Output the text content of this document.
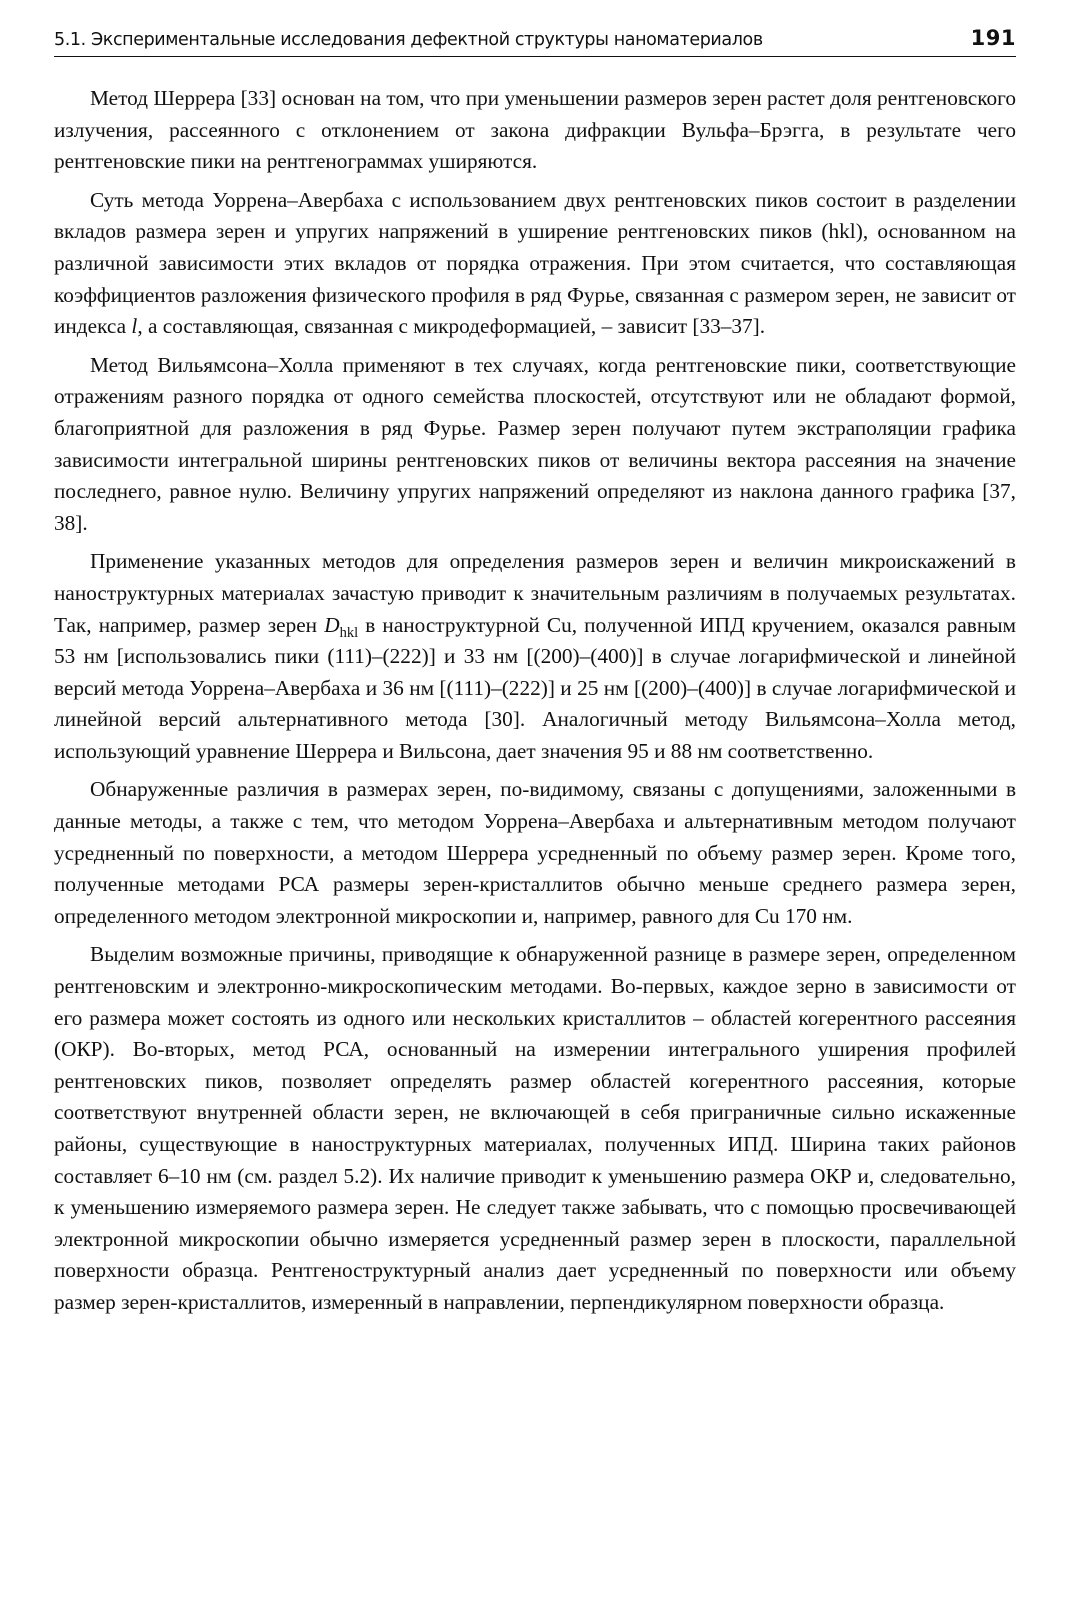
5.1. Экспериментальные исследования дефектной структуры наноматериалов	191

Метод Шеррера [33] основан на том, что при уменьшении размеров зерен растет доля рентгеновского излучения, рассеянного с отклонением от закона дифракции Вульфа–Брэгга, в результате чего рентгеновские пики на рентгенограммах уширяются.

Суть метода Уоррена–Авербаха с использованием двух рентгеновских пиков состоит в разделении вкладов размера зерен и упругих напряжений в уширение рентгеновских пиков (hkl), основанном на различной зависимости этих вкладов от порядка отражения. При этом считается, что составляющая коэффициентов разложения физического профиля в ряд Фурье, связанная с размером зерен, не зависит от индекса l, а составляющая, связанная с микродеформацией, – зависит [33–37].

Метод Вильямсона–Холла применяют в тех случаях, когда рентгеновские пики, соответствующие отражениям разного порядка от одного семейства плоскостей, отсутствуют или не обладают формой, благоприятной для разложения в ряд Фурье. Размер зерен получают путем экстраполяции графика зависимости интегральной ширины рентгеновских пиков от величины вектора рассеяния на значение последнего, равное нулю. Величину упругих напряжений определяют из наклона данного графика [37, 38].

Применение указанных методов для определения размеров зерен и величин микроискажений в наноструктурных материалах зачастую приводит к значительным различиям в получаемых результатах. Так, например, размер зерен $D_{hkl}$ в наноструктурной Cu, полученной ИПД кручением, оказался равным 53 нм [использовались пики (111)–(222)] и 33 нм [(200)–(400)] в случае логарифмической и линейной версий метода Уоррена–Авербаха и 36 нм [(111)–(222)] и 25 нм [(200)–(400)] в случае логарифмической и линейной версий альтернативного метода [30]. Аналогичный методу Вильямсона–Холла метод, использующий уравнение Шеррера и Вильсона, дает значения 95 и 88 нм соответственно.

Обнаруженные различия в размерах зерен, по-видимому, связаны с допущениями, заложенными в данные методы, а также с тем, что методом Уоррена–Авербаха и альтернативным методом получают усредненный по поверхности, а методом Шеррера усредненный по объему размер зерен. Кроме того, полученные методами РСА размеры зерен-кристаллитов обычно меньше среднего размера зерен, определенного методом электронной микроскопии и, например, равного для Cu 170 нм.

Выделим возможные причины, приводящие к обнаруженной разнице в размере зерен, определенном рентгеновским и электронно-микроскопическим методами. Во-первых, каждое зерно в зависимости от его размера может состоять из одного или нескольких кристаллитов – областей когерентного рассеяния (ОКР). Во-вторых, метод РСА, основанный на измерении интегрального уширения профилей рентгеновских пиков, позволяет определять размер областей когерентного рассеяния, которые соответствуют внутренней области зерен, не включающей в себя приграничные сильно искаженные районы, существующие в наноструктурных материалах, полученных ИПД. Ширина таких районов составляет 6–10 нм (см. раздел 5.2). Их наличие приводит к уменьшению размера ОКР и, следовательно, к уменьшению измеряемого размера зерен. Не следует также забывать, что с помощью просвечивающей электронной микроскопии обычно измеряется усредненный размер зерен в плоскости, параллельной поверхности образца. Рентгеноструктурный анализ дает усредненный по поверхности или объему размер зерен-кристаллитов, измеренный в направлении, перпендикулярном поверхности образца.
